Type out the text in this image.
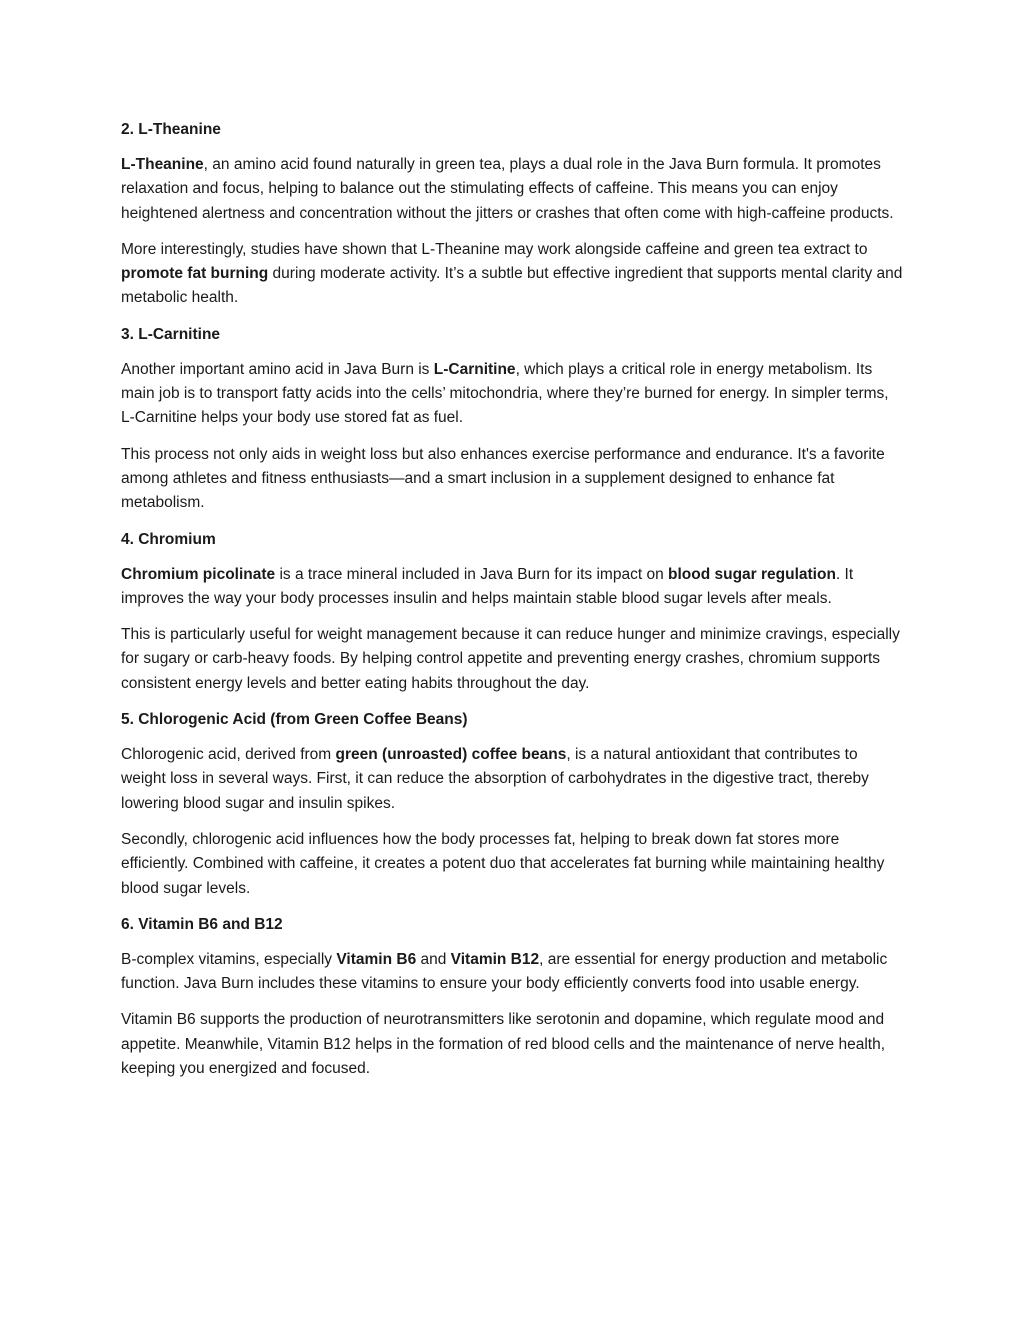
2. L-Theanine

L-Theanine, an amino acid found naturally in green tea, plays a dual role in the Java Burn formula. It promotes relaxation and focus, helping to balance out the stimulating effects of caffeine. This means you can enjoy heightened alertness and concentration without the jitters or crashes that often come with high-caffeine products.

More interestingly, studies have shown that L-Theanine may work alongside caffeine and green tea extract to promote fat burning during moderate activity. It’s a subtle but effective ingredient that supports mental clarity and metabolic health.

3. L-Carnitine

Another important amino acid in Java Burn is L-Carnitine, which plays a critical role in energy metabolism. Its main job is to transport fatty acids into the cells’ mitochondria, where they’re burned for energy. In simpler terms, L-Carnitine helps your body use stored fat as fuel.

This process not only aids in weight loss but also enhances exercise performance and endurance. It's a favorite among athletes and fitness enthusiasts—and a smart inclusion in a supplement designed to enhance fat metabolism.

4. Chromium

Chromium picolinate is a trace mineral included in Java Burn for its impact on blood sugar regulation. It improves the way your body processes insulin and helps maintain stable blood sugar levels after meals.

This is particularly useful for weight management because it can reduce hunger and minimize cravings, especially for sugary or carb-heavy foods. By helping control appetite and preventing energy crashes, chromium supports consistent energy levels and better eating habits throughout the day.

5. Chlorogenic Acid (from Green Coffee Beans)

Chlorogenic acid, derived from green (unroasted) coffee beans, is a natural antioxidant that contributes to weight loss in several ways. First, it can reduce the absorption of carbohydrates in the digestive tract, thereby lowering blood sugar and insulin spikes.

Secondly, chlorogenic acid influences how the body processes fat, helping to break down fat stores more efficiently. Combined with caffeine, it creates a potent duo that accelerates fat burning while maintaining healthy blood sugar levels.

6. Vitamin B6 and B12

B-complex vitamins, especially Vitamin B6 and Vitamin B12, are essential for energy production and metabolic function. Java Burn includes these vitamins to ensure your body efficiently converts food into usable energy.

Vitamin B6 supports the production of neurotransmitters like serotonin and dopamine, which regulate mood and appetite. Meanwhile, Vitamin B12 helps in the formation of red blood cells and the maintenance of nerve health, keeping you energized and focused.
